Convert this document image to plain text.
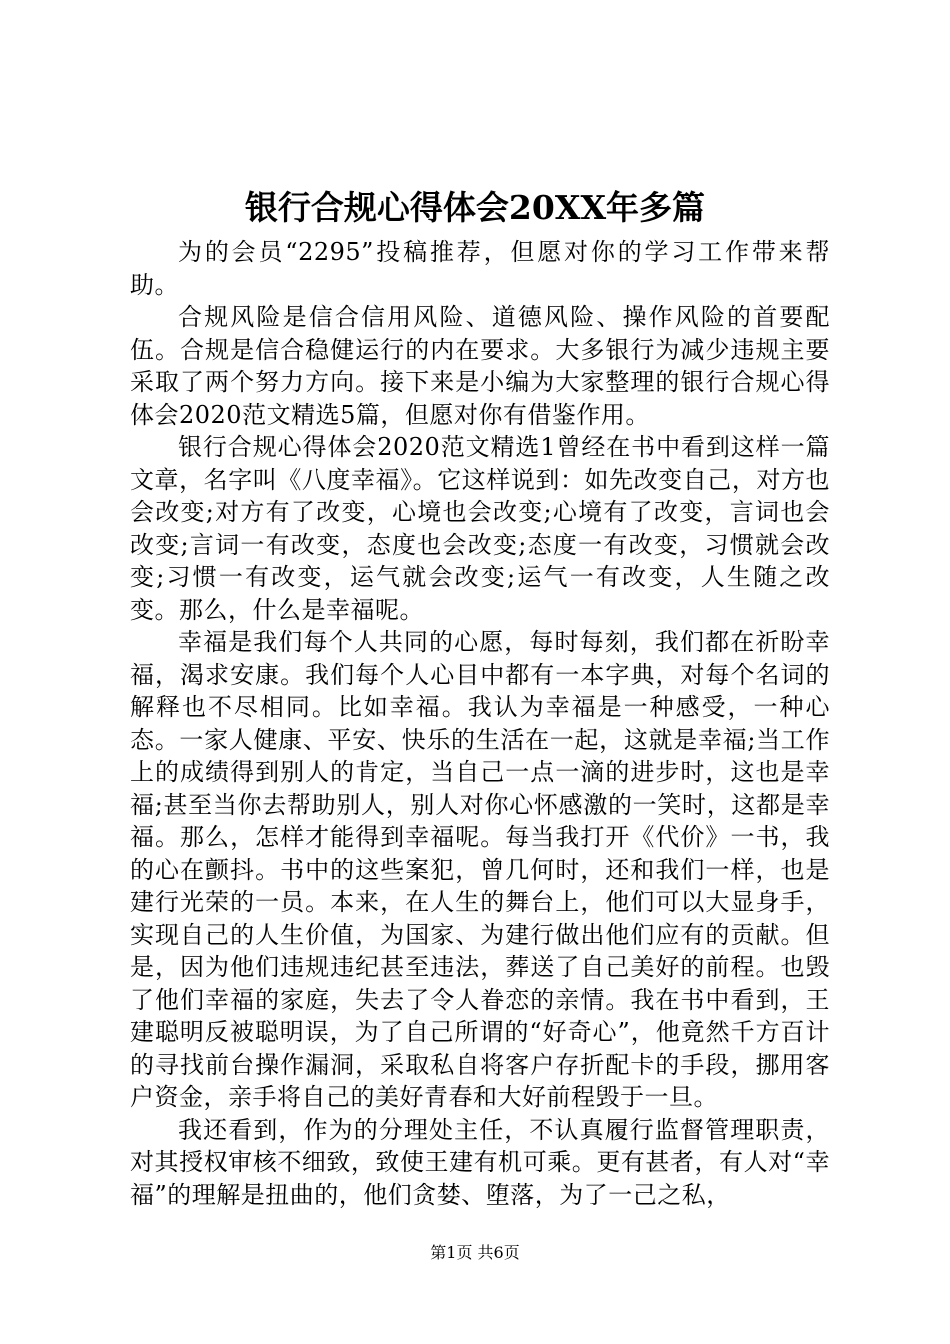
银行合规心得体会20XX年多篇

为的会员“2295”投稿推荐，但愿对你的学习工作带来帮助。

合规风险是信合信用风险、道德风险、操作风险的首要配伍。合规是信合稳健运行的内在要求。大多银行为减少违规主要采取了两个努力方向。接下来是小编为大家整理的银行合规心得体会2020范文精选5篇，但愿对你有借鉴作用。

银行合规心得体会2020范文精选1曾经在书中看到这样一篇文章，名字叫《八度幸福》。它这样说到：如先改变自己，对方也会改变;对方有了改变，心境也会改变;心境有了改变，言词也会改变;言词一有改变，态度也会改变;态度一有改变，习惯就会改变;习惯一有改变，运气就会改变;运气一有改变，人生随之改变。那么，什么是幸福呢。

幸福是我们每个人共同的心愿，每时每刻，我们都在祈盼幸福，渴求安康。我们每个人心目中都有一本字典，对每个名词的解释也不尽相同。比如幸福。我认为幸福是一种感受，一种心态。一家人健康、平安、快乐的生活在一起，这就是幸福;当工作上的成绩得到别人的肯定，当自己一点一滴的进步时，这也是幸福;甚至当你去帮助别人，别人对你心怀感激的一笑时，这都是幸福。那么，怎样才能得到幸福呢。每当我打开《代价》一书，我的心在颤抖。书中的这些案犯，曾几何时，还和我们一样，也是建行光荣的一员。本来，在人生的舞台上，他们可以大显身手，实现自己的人生价值，为国家、为建行做出他们应有的贡献。但是，因为他们违规违纪甚至违法，葬送了自己美好的前程。也毁了他们幸福的家庭，失去了令人眷恋的亲情。我在书中看到，王建聪明反被聪明误，为了自己所谓的“好奇心”，他竟然千方百计的寻找前台操作漏洞，采取私自将客户存折配卡的手段，挪用客户资金，亲手将自己的美好青春和大好前程毁于一旦。

我还看到，作为的分理处主任，不认真履行监督管理职责，对其授权审核不细致，致使王建有机可乘。更有甚者，有人对“幸福”的理解是扭曲的，他们贪婪、堕落，为了一己之私，

第1页 共6页
